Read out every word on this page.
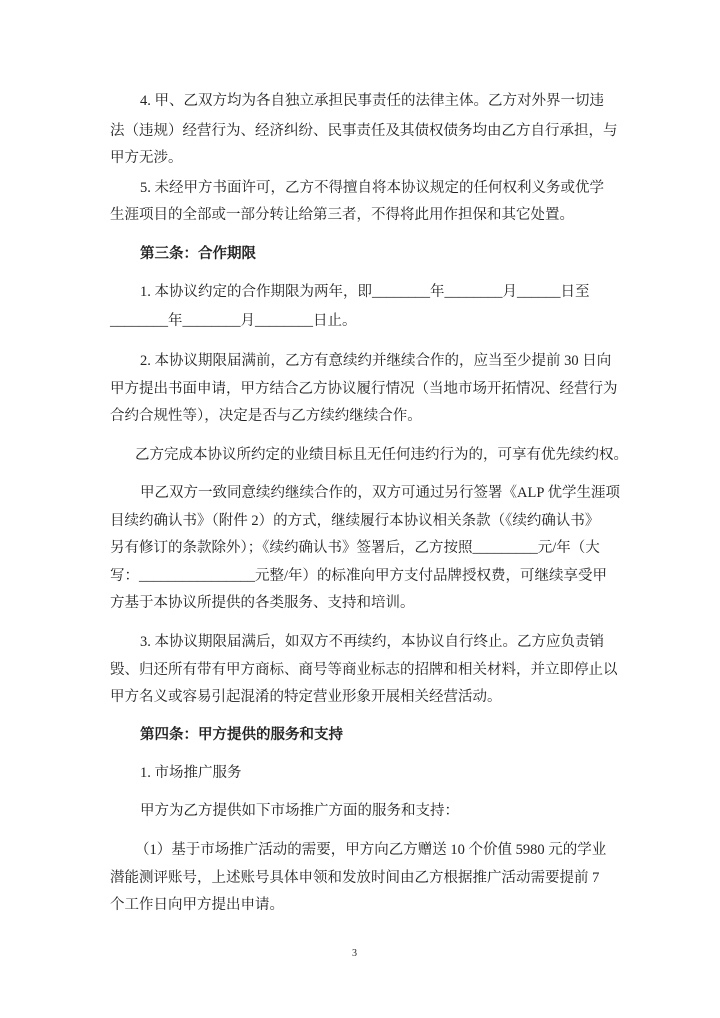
4. 甲、乙双方均为各自独立承担民事责任的法律主体。乙方对外界一切违
法（违规）经营行为、经济纠纷、民事责任及其债权债务均由乙方自行承担，与
甲方无涉。
5. 未经甲方书面许可，乙方不得擅自将本协议规定的任何权利义务或优学
生涯项目的全部或一部分转让给第三者，不得将此用作担保和其它处置。
第三条：合作期限
1. 本协议约定的合作期限为两年，即________年________月______日至
________年________月________日止。
2. 本协议期限届满前，乙方有意续约并继续合作的，应当至少提前 30 日向
甲方提出书面申请，甲方结合乙方协议履行情况（当地市场开拓情况、经营行为
合约合规性等），决定是否与乙方续约继续合作。
乙方完成本协议所约定的业绩目标且无任何违约行为的，可享有优先续约权。
甲乙双方一致同意续约继续合作的，双方可通过另行签署《ALP 优学生涯项
目续约确认书》（附件 2）的方式，继续履行本协议相关条款（《续约确认书》
另有修订的条款除外）；《续约确认书》签署后，乙方按照_________元/年（大
写：________________元整/年）的标准向甲方支付品牌授权费，可继续享受甲
方基于本协议所提供的各类服务、支持和培训。
3. 本协议期限届满后，如双方不再续约，本协议自行终止。乙方应负责销
毁、归还所有带有甲方商标、商号等商业标志的招牌和相关材料，并立即停止以
甲方名义或容易引起混淆的特定营业形象开展相关经营活动。
第四条：甲方提供的服务和支持
1. 市场推广服务
甲方为乙方提供如下市场推广方面的服务和支持：
（1）基于市场推广活动的需要，甲方向乙方赠送 10 个价值 5980 元的学业
潜能测评账号，上述账号具体申领和发放时间由乙方根据推广活动需要提前 7
个工作日向甲方提出申请。
3
